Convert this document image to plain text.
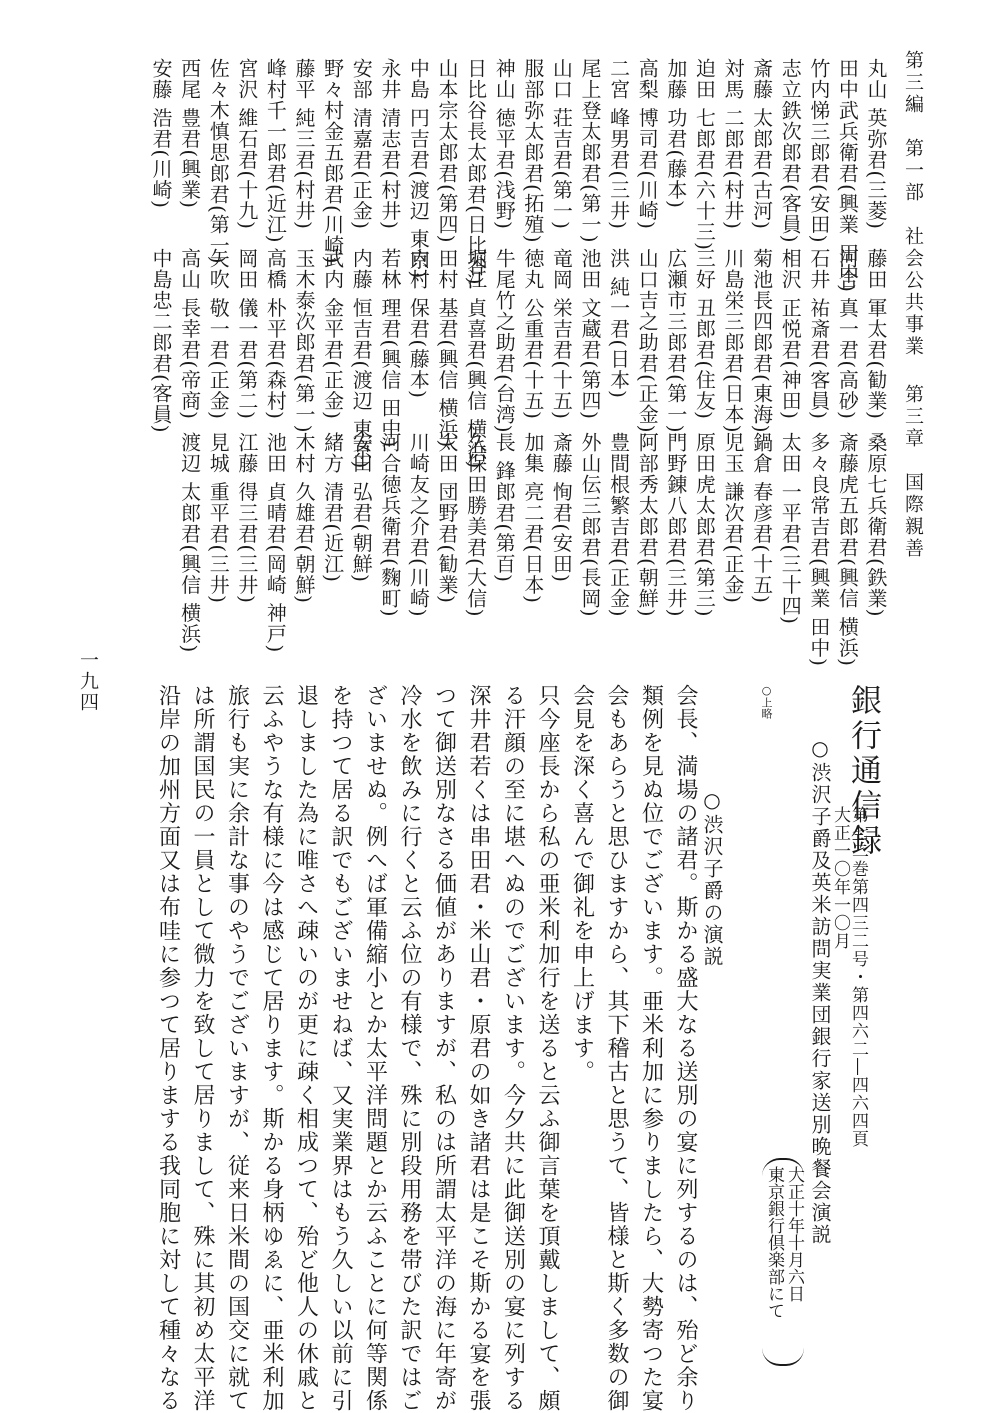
第三編　第一部　社会公共事業第三章　国際親善
一九四
丸山 英弥君(三菱)
藤田 軍太君(勧業)
桑原七兵衛君(鉄業)
田中武兵衛君(興業 田中)
河合 真一君(高砂)
斎藤虎五郎君(興信 横浜)
竹内悌三郎君(安田)
石井 祐斎君(客員)
多々良常吉君(興業 田中)
志立鉄次郎君(客員)
相沢 正悦君(神田)
太田 一平君(三十四)
斎藤 太郎君(古河)
菊池長四郎君(東海)
鍋倉 春彦君(十五)
対馬 二郎君(村井)
川島栄三郎君(日本)
児玉 謙次君(正金)
迫田 七郎君(六十三)
三好 丑郎君(住友)
原田虎太郎君(第三)
加藤 功君(藤本)
広瀬市三郎君(第一)
門野錬八郎君(三井)
高梨 博司君(川崎)
山口吉之助君(正金)
阿部秀太郎君(朝鮮)
二宮 峰男君(三井)
洪 純一君(日本)
豊間根繁吉君(正金)
尾上登太郎君(第一)
池田 文蔵君(第四)
外山伝三郎君(長岡)
山口 荘吉君(第一)
竜岡 栄吉君(十五)
斎藤 恂君(安田)
服部弥太郎君(拓殖)
徳丸 公重君(十五)
加集 亮二君(日本)
神山 徳平君(浅野)
牛尾竹之助君(台湾)
長 鋒郎君(第百)
日比谷長太郎君(日比谷)
堀江 貞喜君(興信 横浜)
久保田勝美君(大信)
山本宗太郎君(第四)
田村 基君(興信 横浜)
太田 団野君(勧業)
中島 円吉君(渡辺 東京)
内村 保君(藤本)
川崎友之介君(川崎)
永井 清志君(村井)
若林 理君(興信 田中)
河合徳兵衛君(麴町)
安部 清嘉君(正金)
内藤 恒吉君(渡辺 東京)
安田 弘君(朝鮮)
野々村金五郎君(川崎)
武内 金平君(正金)
緒方 清君(近江)
藤平 純三君(村井)
玉木泰次郎君(第一)
木村 久雄君(朝鮮)
峰村千一郎君(近江)
高橋 朴平君(森村)
池田 貞晴君(岡崎 神戸)
宮沢 維石君(十九)
岡田 儀一君(第二)
江藤 得三君(三井)
佐々木慎思郎君(第一)
矢吹 敬一君(正金)
見城 重平君(三井)
西尾 豊君(興業)
高山 長幸君(帝商)
渡辺 太郎君(興信 横浜)
安藤 浩君(川崎)
中島忠二郎君(客員)
銀行通信録
第七二巻第四三二号・第四六二―四六四頁
大正一〇年一〇月
○渋沢子爵及英米訪問実業団銀行家送別晩餐会演説
大正十年十月六日
東京銀行倶楽部にて
○上略
○渋沢子爵の演説
会長、満場の諸君。斯かる盛大なる送別の宴に列するのは、殆ど余り
類例を見ぬ位でございます。亜米利加に参りましたら、大勢寄つた宴
会もあらうと思ひますから、其下稽古と思うて、皆様と斯く多数の御
会見を深く喜んで御礼を申上げます。
只今座長から私の亜米利加行を送ると云ふ御言葉を頂戴しまして、頗
る汗顔の至に堪へぬのでございます。今夕共に此御送別の宴に列する
深井君若くは串田君・米山君・原君の如き諸君は是こそ斯かる宴を張
つて御送別なさる価値がありますが、私のは所謂太平洋の海に年寄が
冷水を飲みに行くと云ふ位の有様で、殊に別段用務を帯びた訳ではご
ざいませぬ。例へば軍備縮小とか太平洋問題とか云ふことに何等関係
を持つて居る訳でもございませねば、又実業界はもう久しい以前に引
退しました為に唯さへ疎いのが更に疎く相成つて、殆ど他人の休戚と
云ふやうな有様に今は感じて居ります。斯かる身柄ゆゑに、亜米利加
旅行も実に余計な事のやうでございますが、従来日米間の国交に就て
は所謂国民の一員として微力を致して居りまして、殊に其初め太平洋
沿岸の加州方面又は布哇に参つて居りまする我同胞に対して種々なる
